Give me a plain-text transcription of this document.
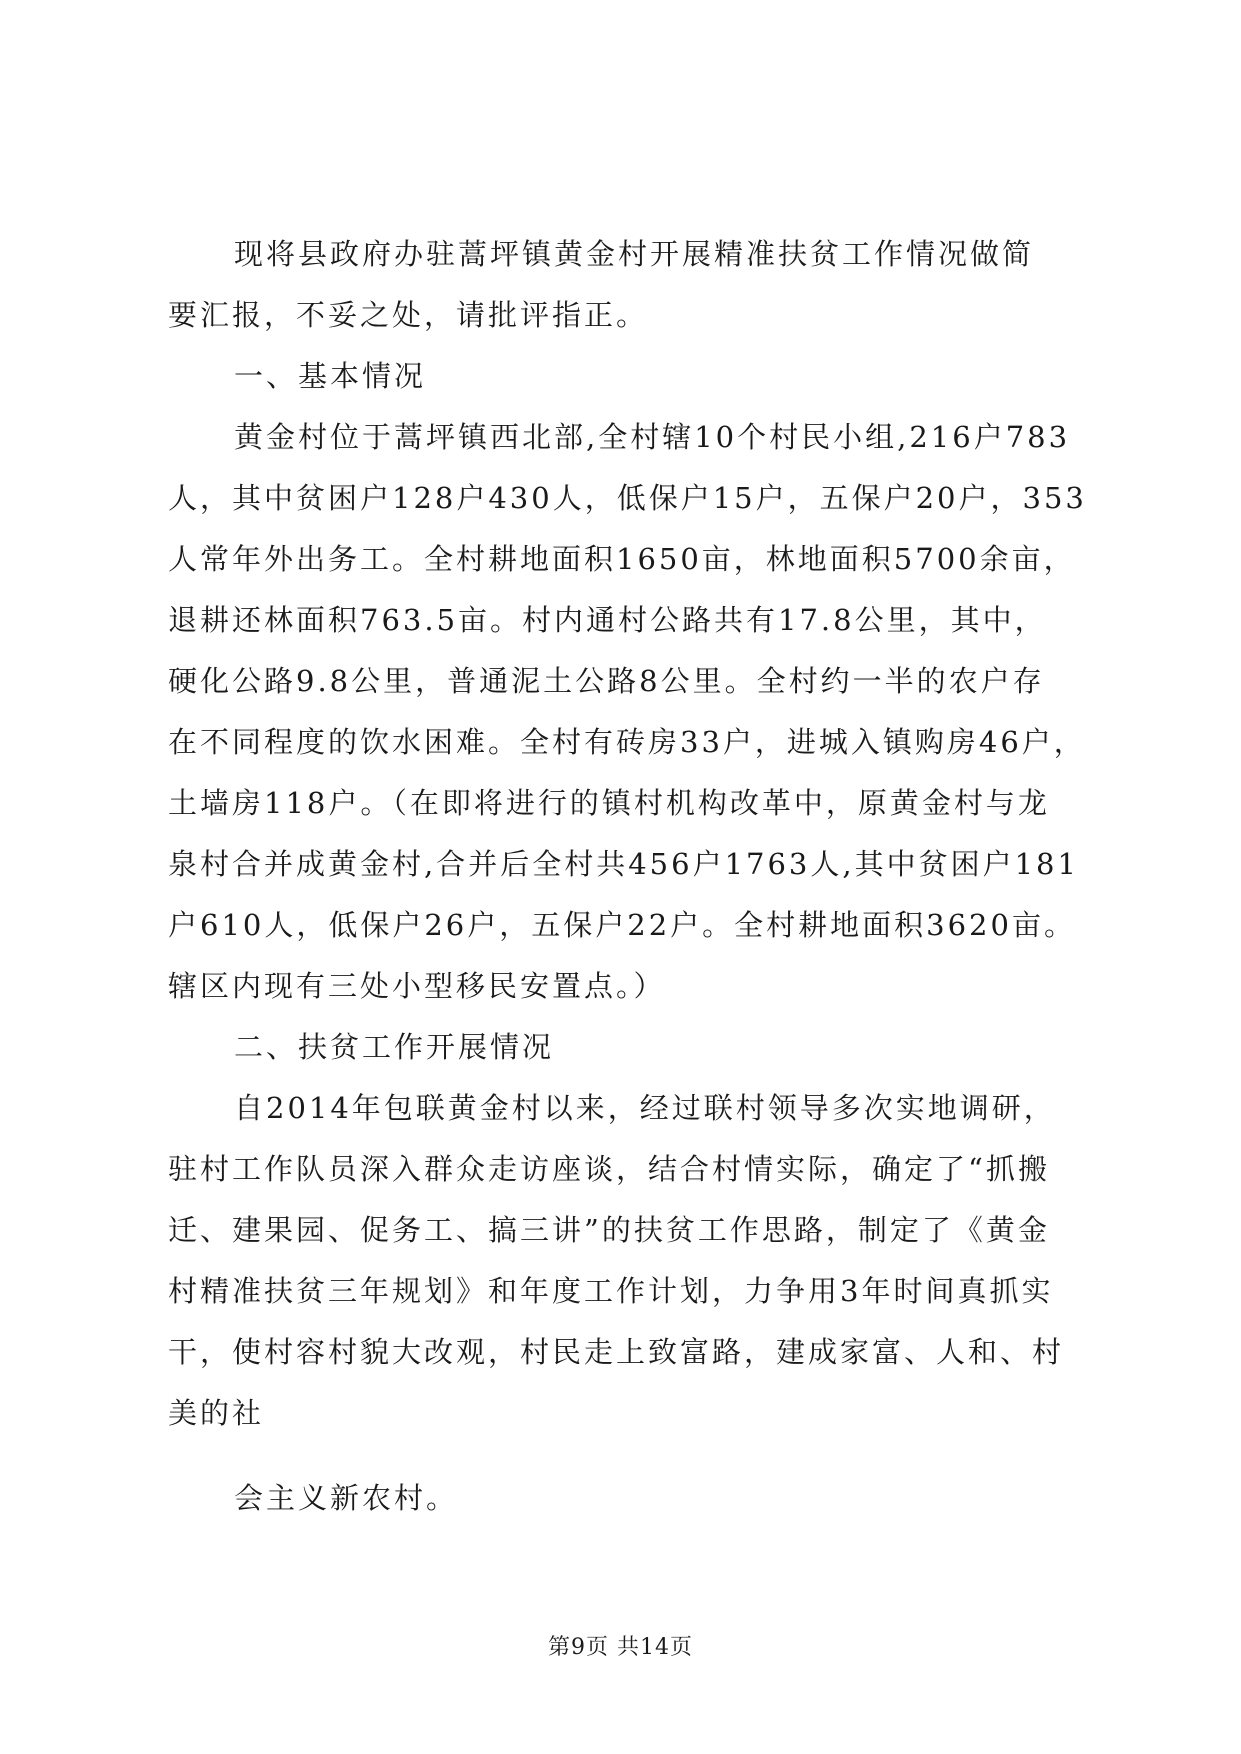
现将县政府办驻蒿坪镇黄金村开展精准扶贫工作情况做简
要汇报，不妥之处，请批评指正。
一、基本情况
黄金村位于蒿坪镇西北部,全村辖10个村民小组,216户783
人，其中贫困户128户430人，低保户15户，五保户20户，353
人常年外出务工。全村耕地面积1650亩，林地面积5700余亩，
退耕还林面积763.5亩。村内通村公路共有17.8公里，其中，
硬化公路9.8公里，普通泥土公路8公里。全村约一半的农户存
在不同程度的饮水困难。全村有砖房33户，进城入镇购房46户，
土墙房118户。（在即将进行的镇村机构改革中，原黄金村与龙
泉村合并成黄金村,合并后全村共456户1763人,其中贫困户181
户610人，低保户26户，五保户22户。全村耕地面积3620亩。
辖区内现有三处小型移民安置点。）
二、扶贫工作开展情况
自2014年包联黄金村以来，经过联村领导多次实地调研，
驻村工作队员深入群众走访座谈，结合村情实际，确定了“抓搬
迁、建果园、促务工、搞三讲”的扶贫工作思路，制定了《黄金
村精准扶贫三年规划》和年度工作计划，力争用3年时间真抓实
干，使村容村貌大改观，村民走上致富路，建成家富、人和、村
美的社
会主义新农村。
第9页 共14页
